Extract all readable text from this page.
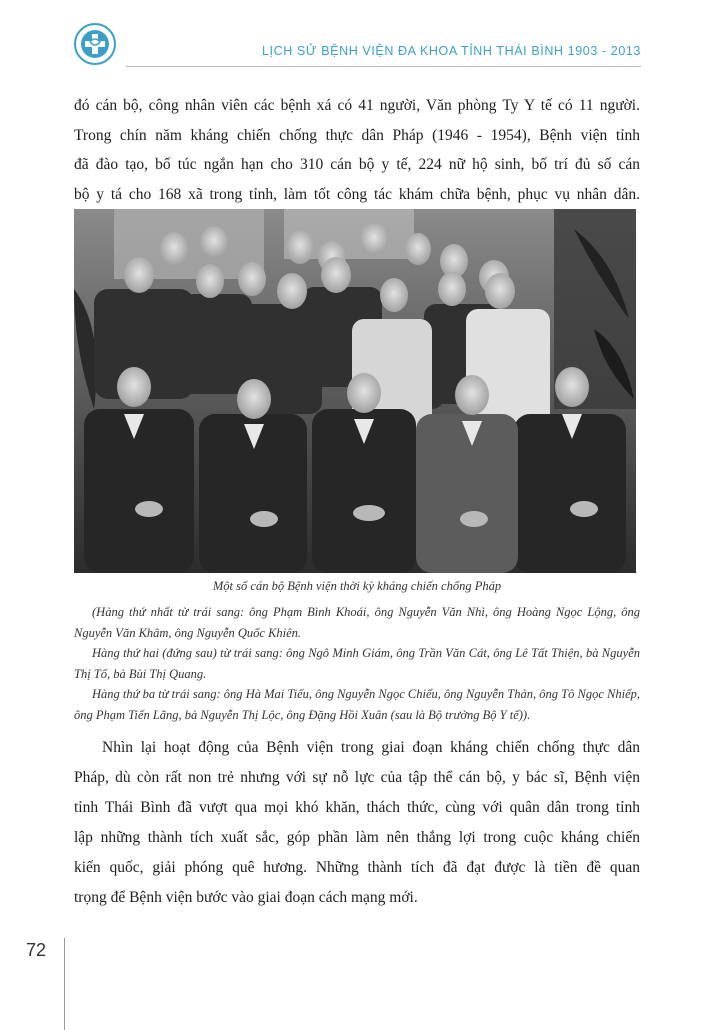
LỊCH SỬ BỆNH VIỆN ĐA KHOA TỈNH THÁI BÌNH 1903 - 2013

đó cán bộ, công nhân viên các bệnh xá có 41 người, Văn phòng Ty Y tế có 11 người.

Trong chín năm kháng chiến chống thực dân Pháp (1946 - 1954), Bệnh viện tỉnh

đã đào tạo, bổ túc ngắn hạn cho 310 cán bộ y tế, 224 nữ hộ sinh, bố trí đủ số cán

bộ y tá cho 168 xã trong tỉnh, làm tốt công tác khám chữa bệnh, phục vụ nhân dân.

Một số cán bộ Bệnh viện thời kỳ kháng chiến chống Pháp

(Hàng thứ nhất từ trái sang: ông Phạm Bình Khoái, ông Nguyễn Văn Nhì, ông Hoàng Ngọc Lộng, ông Nguyễn Văn Khâm, ông Nguyễn Quốc Khiên.

Hàng thứ hai (đứng sau) từ trái sang: ông Ngô Minh Giám, ông Trần Văn Cát, ông Lê Tất Thiện, bà Nguyễn Thị Tố, bà Bùi Thị Quang.

Hàng thứ ba từ trái sang: ông Hà Mai Tiếu, ông Nguyễn Ngọc Chiểu, ông Nguyễn Thản, ông Tô Ngọc Nhiếp, ông Phạm Tiến Lãng, bà Nguyễn Thị Lộc, ông Đặng Hồi Xuân (sau là Bộ trưởng Bộ Y tế)).

Nhìn lại hoạt động của Bệnh viện trong giai đoạn kháng chiến chống thực dân

Pháp, dù còn rất non trẻ nhưng với sự nỗ lực của tập thể cán bộ, y bác sĩ, Bệnh viện

tỉnh Thái Bình đã vượt qua mọi khó khăn, thách thức, cùng với quân dân trong tỉnh

lập những thành tích xuất sắc, góp phần làm nên thắng lợi trong cuộc kháng chiến

kiến quốc, giải phóng quê hương. Những thành tích đã đạt được là tiền đề quan

trọng để Bệnh viện bước vào giai đoạn cách mạng mới.

72
